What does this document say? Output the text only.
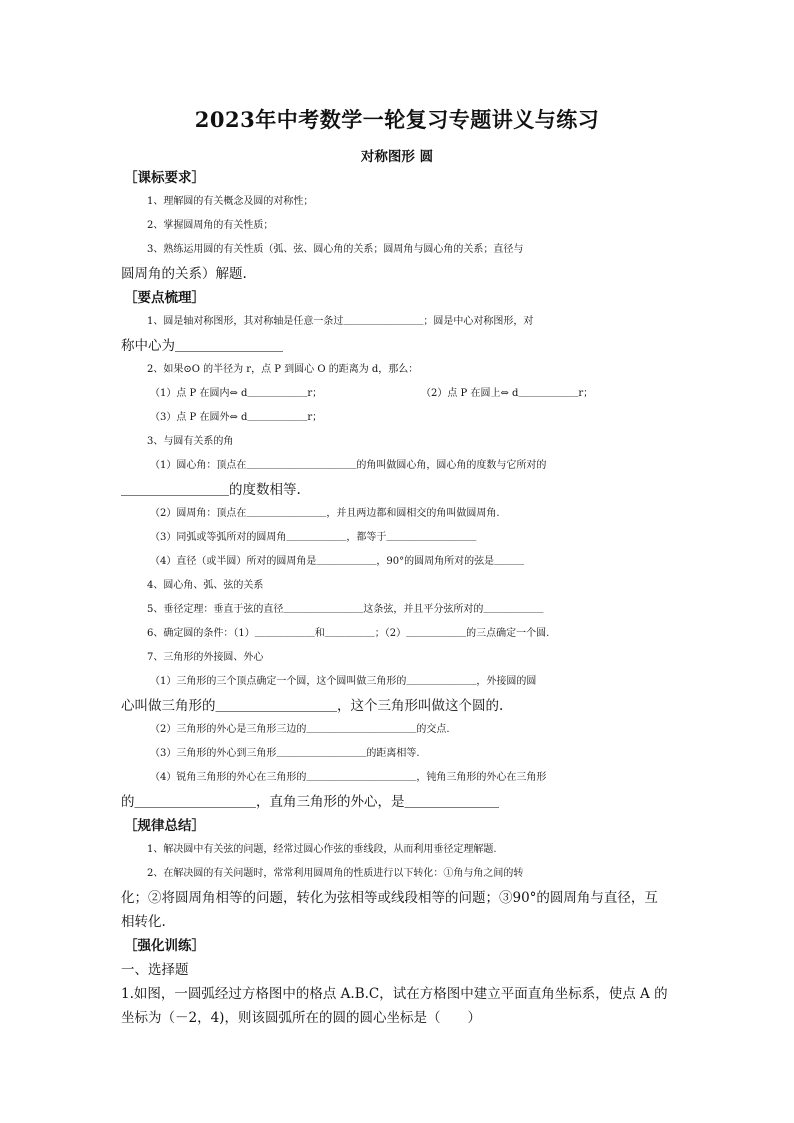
2023年中考数学一轮复习专题讲义与练习
对称图形 圆
［课标要求］
1、理解圆的有关概念及圆的对称性；
2、掌握圆周角的有关性质；
3、熟练运用圆的有关性质（弧、弦、圆心角的关系；圆周角与圆心角的关系；直径与
圆周角的关系）解题.
［要点梳理］
1、圆是轴对称图形，其对称轴是任意一条过＿＿＿＿＿＿＿＿；圆是中心对称图形，对
称中心为＿＿＿＿＿＿＿＿
2、如果⊙O 的半径为 r，点 P 到圆心 O 的距离为 d，那么：
（1）点 P 在圆内⇔ d＿＿＿＿＿＿r；	（2）点 P 在圆上⇔ d＿＿＿＿＿＿r；
（3）点 P 在圆外⇔ d＿＿＿＿＿＿r；
3、与圆有关系的角
（1）圆心角：顶点在＿＿＿＿＿＿＿＿＿＿＿的角叫做圆心角，圆心角的度数与它所对的
＿＿＿＿＿＿＿＿的度数相等.
（2）圆周角：顶点在＿＿＿＿＿＿＿＿，并且两边都和圆相交的角叫做圆周角.
（3）同弧或等弧所对的圆周角＿＿＿＿＿＿，都等于＿＿＿＿＿＿＿＿＿
（4）直径（或半圆）所对的圆周角是＿＿＿＿＿＿，90°的圆周角所对的弦是＿＿＿
4、圆心角、弧、弦的关系
5、垂径定理：垂直于弦的直径＿＿＿＿＿＿＿＿这条弦，并且平分弦所对的＿＿＿＿＿＿
6、确定圆的条件：（1）＿＿＿＿＿＿和＿＿＿＿＿；（2）＿＿＿＿＿＿的三点确定一个圆.
7、三角形的外接圆、外心
（1）三角形的三个顶点确定一个圆，这个圆叫做三角形的＿＿＿＿＿＿＿，外接圆的圆
心叫做三角形的＿＿＿＿＿＿＿＿＿，这个三角形叫做这个圆的.
（2）三角形的外心是三角形三边的＿＿＿＿＿＿＿＿＿＿＿的交点.
（3）三角形的外心到三角形＿＿＿＿＿＿＿＿＿的距离相等.
（4）锐角三角形的外心在三角形的＿＿＿＿＿＿＿＿＿＿＿，钝角三角形的外心在三角形
的＿＿＿＿＿＿＿＿＿，直角三角形的外心，是＿＿＿＿＿＿＿
［规律总结］
1、解决圆中有关弦的问题，经常过圆心作弦的垂线段，从而利用垂径定理解题.
2、在解决圆的有关问题时，常常利用圆周角的性质进行以下转化：①角与角之间的转
化；②将圆周角相等的问题，转化为弦相等或线段相等的问题；③90°的圆周角与直径，互
相转化.
［强化训练］
一、选择题
1.如图，一圆弧经过方格图中的格点 A.B.C，试在方格图中建立平面直角坐标系，使点 A 的
坐标为（－2，4)，则该圆弧所在的圆的圆心坐标是（　　）
